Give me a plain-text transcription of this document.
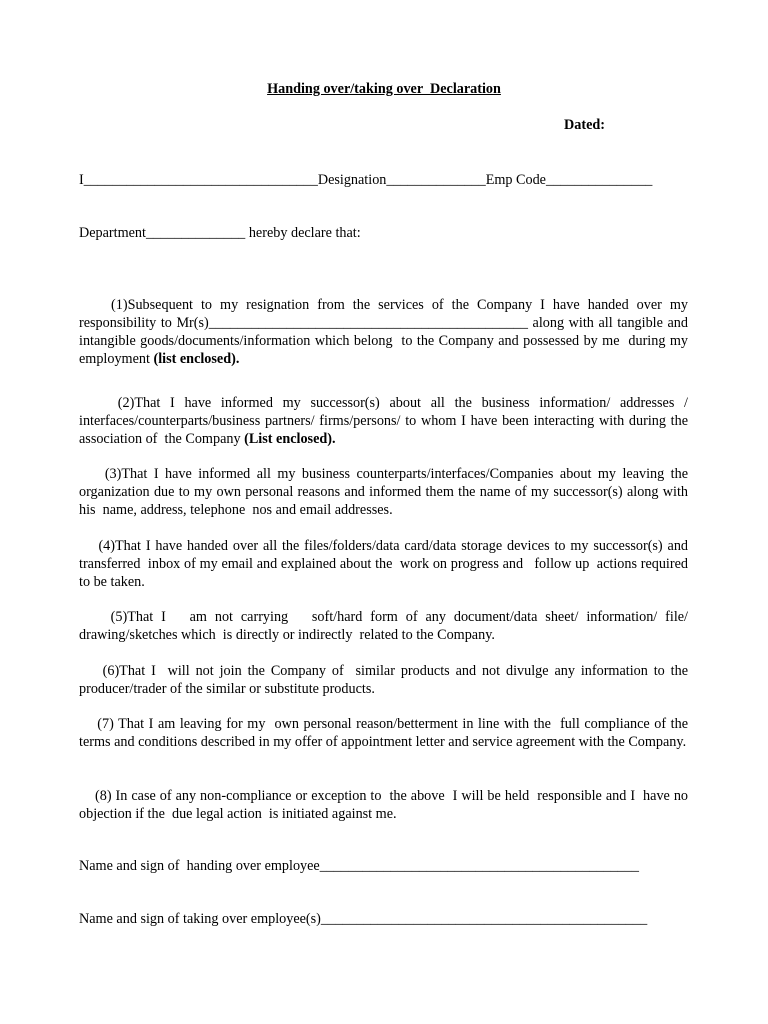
Handing over/taking over  Declaration
Dated:
I_________________________________Designation______________Emp Code_______________
Department______________ hereby declare that:

(1)Subsequent to my resignation from the services of the Company I have handed over my responsibility to Mr(s)_____________________________________________ along with all tangible and intangible goods/documents/information which belong  to the Company and possessed by me  during my employment (list enclosed).

(2)That I have informed my successor(s) about all the business information/ addresses / interfaces/counterparts/business partners/ firms/persons/ to whom I have been interacting with during the association of  the Company (List enclosed).

(3)That I have informed all my business counterparts/interfaces/Companies about my leaving the organization due to my own personal reasons and informed them the name of my successor(s) along with his  name, address, telephone  nos and email addresses.

(4)That I have handed over all the files/folders/data card/data storage devices to my successor(s) and transferred  inbox of my email and explained about the  work on progress and   follow up  actions required  to be taken.

(5)That I   am not carrying   soft/hard form of any document/data sheet/ information/ file/ drawing/sketches which  is directly or indirectly  related to the Company.

(6)That I  will not join the Company of  similar products and not divulge any information to the producer/trader of the similar or substitute products.

(7) That I am leaving for my  own personal reason/betterment in line with the  full compliance of the terms and conditions described in my offer of appointment letter and service agreement with the Company.

(8) In case of any non-compliance or exception to  the above  I will be held  responsible and I  have no objection if the  due legal action  is initiated against me.

Name and sign of  handing over employee_____________________________________________
Name and sign of taking over employee(s)______________________________________________
